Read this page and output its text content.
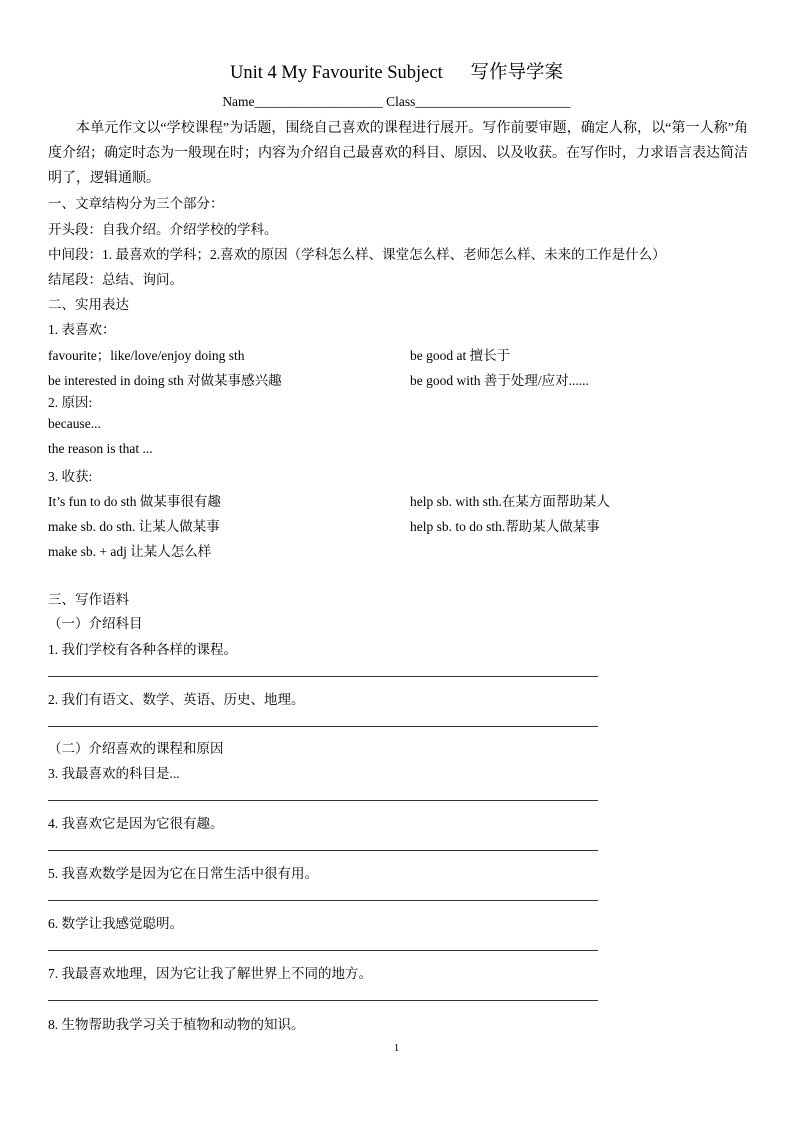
Unit 4 My Favourite Subject      写作导学案
Name___________________ Class_______________________
本单元作文以“学校课程”为话题，围绕自己喜欢的课程进行展开。写作前要审题，确定人称，以“第一人称”角度介绍；确定时态为一般现在时；内容为介绍自己最喜欢的科目、原因、以及收获。在写作时，力求语言表达简洁明了，逻辑通顺。
一、文章结构分为三个部分：
开头段：自我介绍。介绍学校的学科。
中间段：1. 最喜欢的学科；2.喜欢的原因（学科怎么样、课堂怎么样、老师怎么样、未来的工作是什么）
结尾段：总结、询问。
二、实用表达
1. 表喜欢：
favourite；like/love/enjoy doing sth	be good at 擅长于
be interested in doing sth 对做某事感兴趣	be good with 善于处理/应对......
2. 原因:
because...
the reason is that ...
3. 收获:
It’s fun to do sth 做某事很有趣	help sb. with sth.在某方面帮助某人
make sb. do sth. 让某人做某事	help sb. to do sth.帮助某人做某事
make sb. + adj 让某人怎么样
三、写作语料
（一）介绍科目
1. 我们学校有各种各样的课程。
2. 我们有语文、数学、英语、历史、地理。
（二）介绍喜欢的课程和原因
3. 我最喜欢的科目是...
4. 我喜欢它是因为它很有趣。
5. 我喜欢数学是因为它在日常生活中很有用。
6. 数学让我感觉聪明。
7. 我最喜欢地理，因为它让我了解世界上不同的地方。
8. 生物帮助我学习关于植物和动物的知识。
1
